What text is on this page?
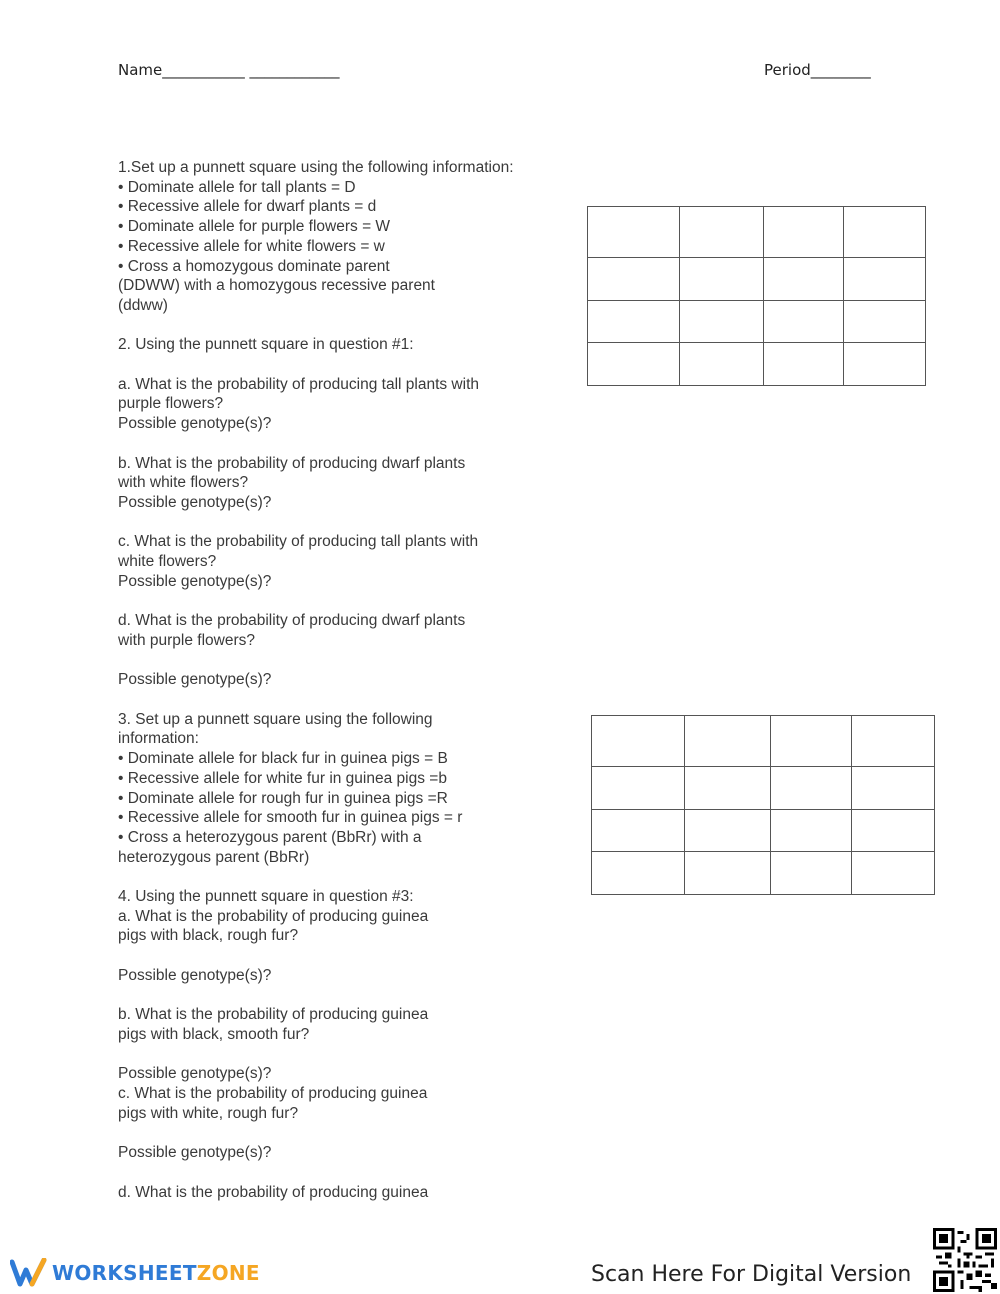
Name___________ ____________	Period________
1.Set up a punnett square using the following information:
• Dominate allele for tall plants = D
• Recessive allele for dwarf plants = d
• Dominate allele for purple flowers = W
• Recessive allele for white flowers = w
• Cross a homozygous dominate parent
(DDWW) with a homozygous recessive parent
(ddww)

2. Using the punnett square in question #1:

a. What is the probability of producing tall plants with
purple flowers?
Possible genotype(s)?

b. What is the probability of producing dwarf plants
with white flowers?
Possible genotype(s)?

c. What is the probability of producing tall plants with
white flowers?
Possible genotype(s)?

d. What is the probability of producing dwarf plants
with purple flowers?

Possible genotype(s)?

3. Set up a punnett square using the following
information:
• Dominate allele for black fur in guinea pigs = B
• Recessive allele for white fur in guinea pigs =b
• Dominate allele for rough fur in guinea pigs =R
• Recessive allele for smooth fur in guinea pigs = r
• Cross a heterozygous parent (BbRr) with a
heterozygous parent (BbRr)

4. Using the punnett square in question #3:
a. What is the probability of producing guinea
pigs with black, rough fur?

Possible genotype(s)?

b. What is the probability of producing guinea
pigs with black, smooth fur?

Possible genotype(s)?
c. What is the probability of producing guinea
pigs with white, rough fur?

Possible genotype(s)?

d. What is the probability of producing guinea

WORKSHEETZONE	Scan Here For Digital Version
